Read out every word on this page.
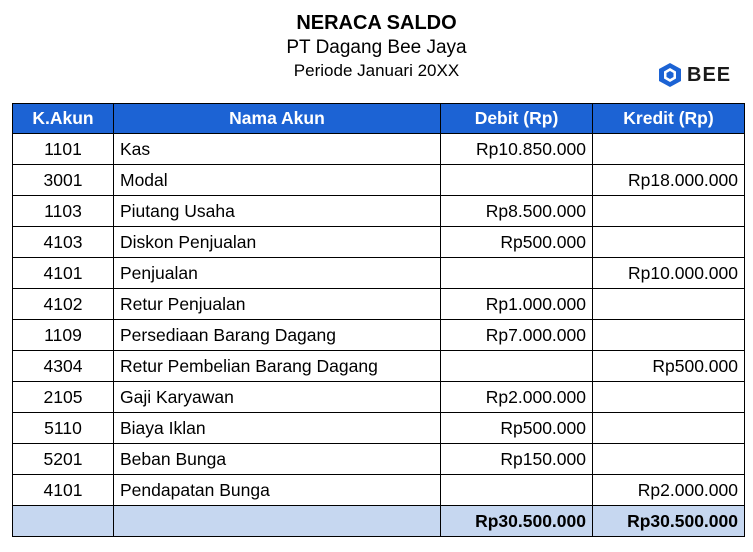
NERACA SALDO
PT Dagang Bee Jaya
Periode Januari 20XX	BEE
K.Akun	Nama Akun	Debit (Rp)	Kredit (Rp)
1101	Kas	Rp10.850.000	
3001	Modal		Rp18.000.000
1103	Piutang Usaha	Rp8.500.000	
4103	Diskon Penjualan	Rp500.000	
4101	Penjualan		Rp10.000.000
4102	Retur Penjualan	Rp1.000.000	
1109	Persediaan Barang Dagang	Rp7.000.000	
4304	Retur Pembelian Barang Dagang		Rp500.000
2105	Gaji Karyawan	Rp2.000.000	
5110	Biaya Iklan	Rp500.000	
5201	Beban Bunga	Rp150.000	
4101	Pendapatan Bunga		Rp2.000.000
		Rp30.500.000	Rp30.500.000
